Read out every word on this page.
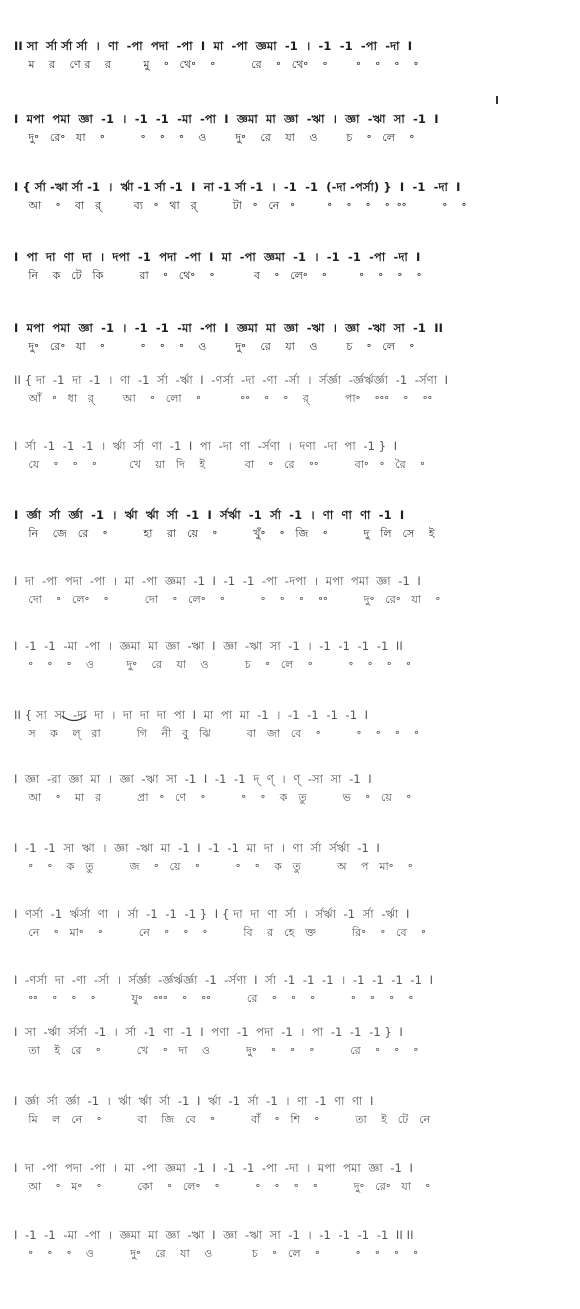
II সা  র্সা র্সা র্সা  ।  ণা  -পা  পদা  -পা  I  মা  -পা  জ্ঞমা  -1  ।  -1  -1  -পা  -দা  I
ম    র    ণে র    র         মু    ॰   থে॰    ॰          রে    ॰   থে॰    ॰        ॰    ॰    ॰    ॰
I  মপা  পমা  জ্ঞা  -1  ।  -1  -1  -মা  -পা  I  জ্ঞমা  মা  জ্ঞা  -ঋা  ।  জ্ঞা  -ঋা  সা  -1  I
দু॰   রে॰   যা    ॰          ॰    ॰    ॰    ও        দু॰    রে    যা    ও        চ    ॰   লে    ॰
I { র্সা -ঋা র্সা -1  ।  র্ঋা -1 র্সা -1  I  না -1 র্সা -1  ।  -1  -1  (-দা -পর্সা) }  I  -1  -দা  I
আ    ॰    বা   র্         ব্য   ॰   থা   র্          টা   ॰   নে   ॰         ॰    ॰    ॰    ॰  ॰॰          ॰    ॰
I  পা  দা  ণা  দা  ।  দপা  -1  পদা  -পা  I  মা  -পা  জ্ঞমা  -1  ।  -1  -1  -পা  -দা  I
নি    ক   টে   কি          রা    ॰   থে॰    ॰           ব    ॰   লে॰    ॰         ॰    ॰    ॰    ॰
I  মপা  পমা  জ্ঞা  -1  ।  -1  -1  -মা  -পা  I  জ্ঞমা  মা  জ্ঞা  -ঋা  ।  জ্ঞা  -ঋা  সা  -1  II
দু॰   রে॰   যা    ॰          ॰    ॰    ॰    ও        দু॰    রে    যা    ও        চ    ॰   লে    ॰
II { দা  -1  দা  -1  ।  ণা  -1  র্সা  -র্ঋা  I  -ণর্সা  -দা  -ণা  -র্সা  ।  র্সর্জ্ঞা  -র্জ্ঞর্ঋর্জ্ঞা  -1  -র্সণা  I
আঁ   ॰   ধা   র্        আ    ॰   লো    ॰           ॰॰    ॰    ॰    র্          পা॰    ॰॰॰    ॰    ॰॰
I  র্সা  -1  -1  -1  ।  র্ঋা  র্সা  ণা  -1  I  পা  -দা  ণা  -র্সণা  ।  দণা  -দা  পা  -1 }  I
যে    ॰    ॰    ॰         খে    য়া   দি    ই           বা    ॰   রে    ॰॰          বা॰   ॰   রৈ    ॰
I  র্জ্ঞা  র্সা  র্জ্ঞা  -1  ।  র্ঋা  র্ঋা  র্সা  -1  I  র্সর্ঋা  -1  র্সা  -1  ।  ণা  ণা  ণা  -1  I
নি    জে   রে    ॰          হা    রা   য়ে    ॰          খুঁ॰    ॰   জি    ॰          দু   লি   সে    ই
I  দা  -পা  পদা  -পা  ।  মা  -পা  জ্ঞমা  -1  I  -1  -1  -পা  -দপা  ।  মপা  পমা  জ্ঞা  -1  I
দো    ॰   লে॰    ॰          দো    ॰   লে॰    ॰          ॰    ॰    ॰    ॰॰          দু॰   রে॰   যা    ॰
I  -1  -1  -মা  -পা  ।  জ্ঞমা  মা  জ্ঞা  -ঋা  I  জ্ঞা  -ঋা  সা  -1  ।  -1  -1  -1  -1  II
॰    ॰    ॰    ও         দু॰    রে    যা    ও          চ    ॰   লে    ॰          ॰    ॰    ॰    ॰
II { সা  সা  -দা  দা  ।  দা  দা  দা  পা  I  মা  পা  মা  -1  ।  -1  -1  -1  -1  I
স    ক    ল্   রা          গি    নী   বু   ঝি          বা   জা   বে    ॰          ॰    ॰    ॰    ॰
I  জ্ঞা  -রা  জ্ঞা  মা  ।  জ্ঞা  -ঋা  সা  -1  I  -1  -1  দ্‌  ণ্‌  ।  ণ্‌  -সা  সা  -1  I
আ    ॰    মা   র          প্রা   ॰   ণে    ॰          ॰    ॰    ক   তু          ভ    ॰   য়ে    ॰
I  -1  -1  সা  ঋা  ।  জ্ঞা  -ঋা  মা  -1  I  -1  -1  মা  দা  ।  ণা  র্সা  র্সর্ঋা  -1  I
॰    ॰    ক   তু          জ    ॰   য়ে    ॰          ॰    ॰    ক   তু          অ    প   মা॰    ॰
I  ণর্সা  -1  র্ঋর্সা  ণা  ।  র্সা  -1  -1  -1 }  I { দা  দা  ণা  র্সা  ।  র্সর্ঋা  -1  র্সা  -র্ঋা  I
নে    ॰   মা॰    ॰          নে    ॰    ॰    ॰          বি    র   হে   ক্ত          রি॰    ॰   বে    ॰
I  -ণর্সা  দা  -ণা  -র্সা  ।  র্সর্জ্ঞা  -র্জ্ঞর্ঋর্জ্ঞা  -1  -র্সণা  I  র্সা  -1  -1  -1  ।  -1  -1  -1  -1  I
॰॰    ॰    ॰    ॰          যু॰   ॰॰॰    ॰    ॰॰          রে    ॰    ॰    ॰          ॰    ॰    ॰    ॰
I  সা  -র্ঋা  র্সর্সা  -1  ।  র্সা  -1  ণা  -1  I  পণা  -1  পদা  -1  ।  পা  -1  -1  -1 }  I
তা    ই   রে    ॰          খে    ॰   দা    ও          দু॰    ॰    ॰    ॰          রে    ॰    ॰    ॰
I  র্জ্ঞা  র্সা  র্জ্ঞা  -1  ।  র্ঋা  র্ঋা  র্সা  -1  I  র্ঋা  -1  র্সা  -1  ।  ণা  -1  ণা  ণা  I
মি    ল   নে    ॰          বা    জি   বে    ॰          বাঁ    ॰   শি    ॰          তা    ই   টে   নে
I  দা  -পা  পদা  -পা  ।  মা  -পা  জ্ঞমা  -1  I  -1  -1  -পা  -দা  ।  মপা  পমা  জ্ঞা  -1  I
আ    ॰   ম॰    ॰          কো    ॰   লে॰    ॰          ॰    ॰    ॰    ॰          দু॰   রে॰   যা    ॰
I  -1  -1  -মা  -পা  ।  জ্ঞমা  মা  জ্ঞা  -ঋা  I  জ্ঞা  -ঋা  সা  -1  ।  -1  -1  -1  -1  II II
॰    ॰    ॰    ও          দু॰    রে    যা    ও           চ    ॰   লে    ॰          ॰    ॰    ॰    ॰
